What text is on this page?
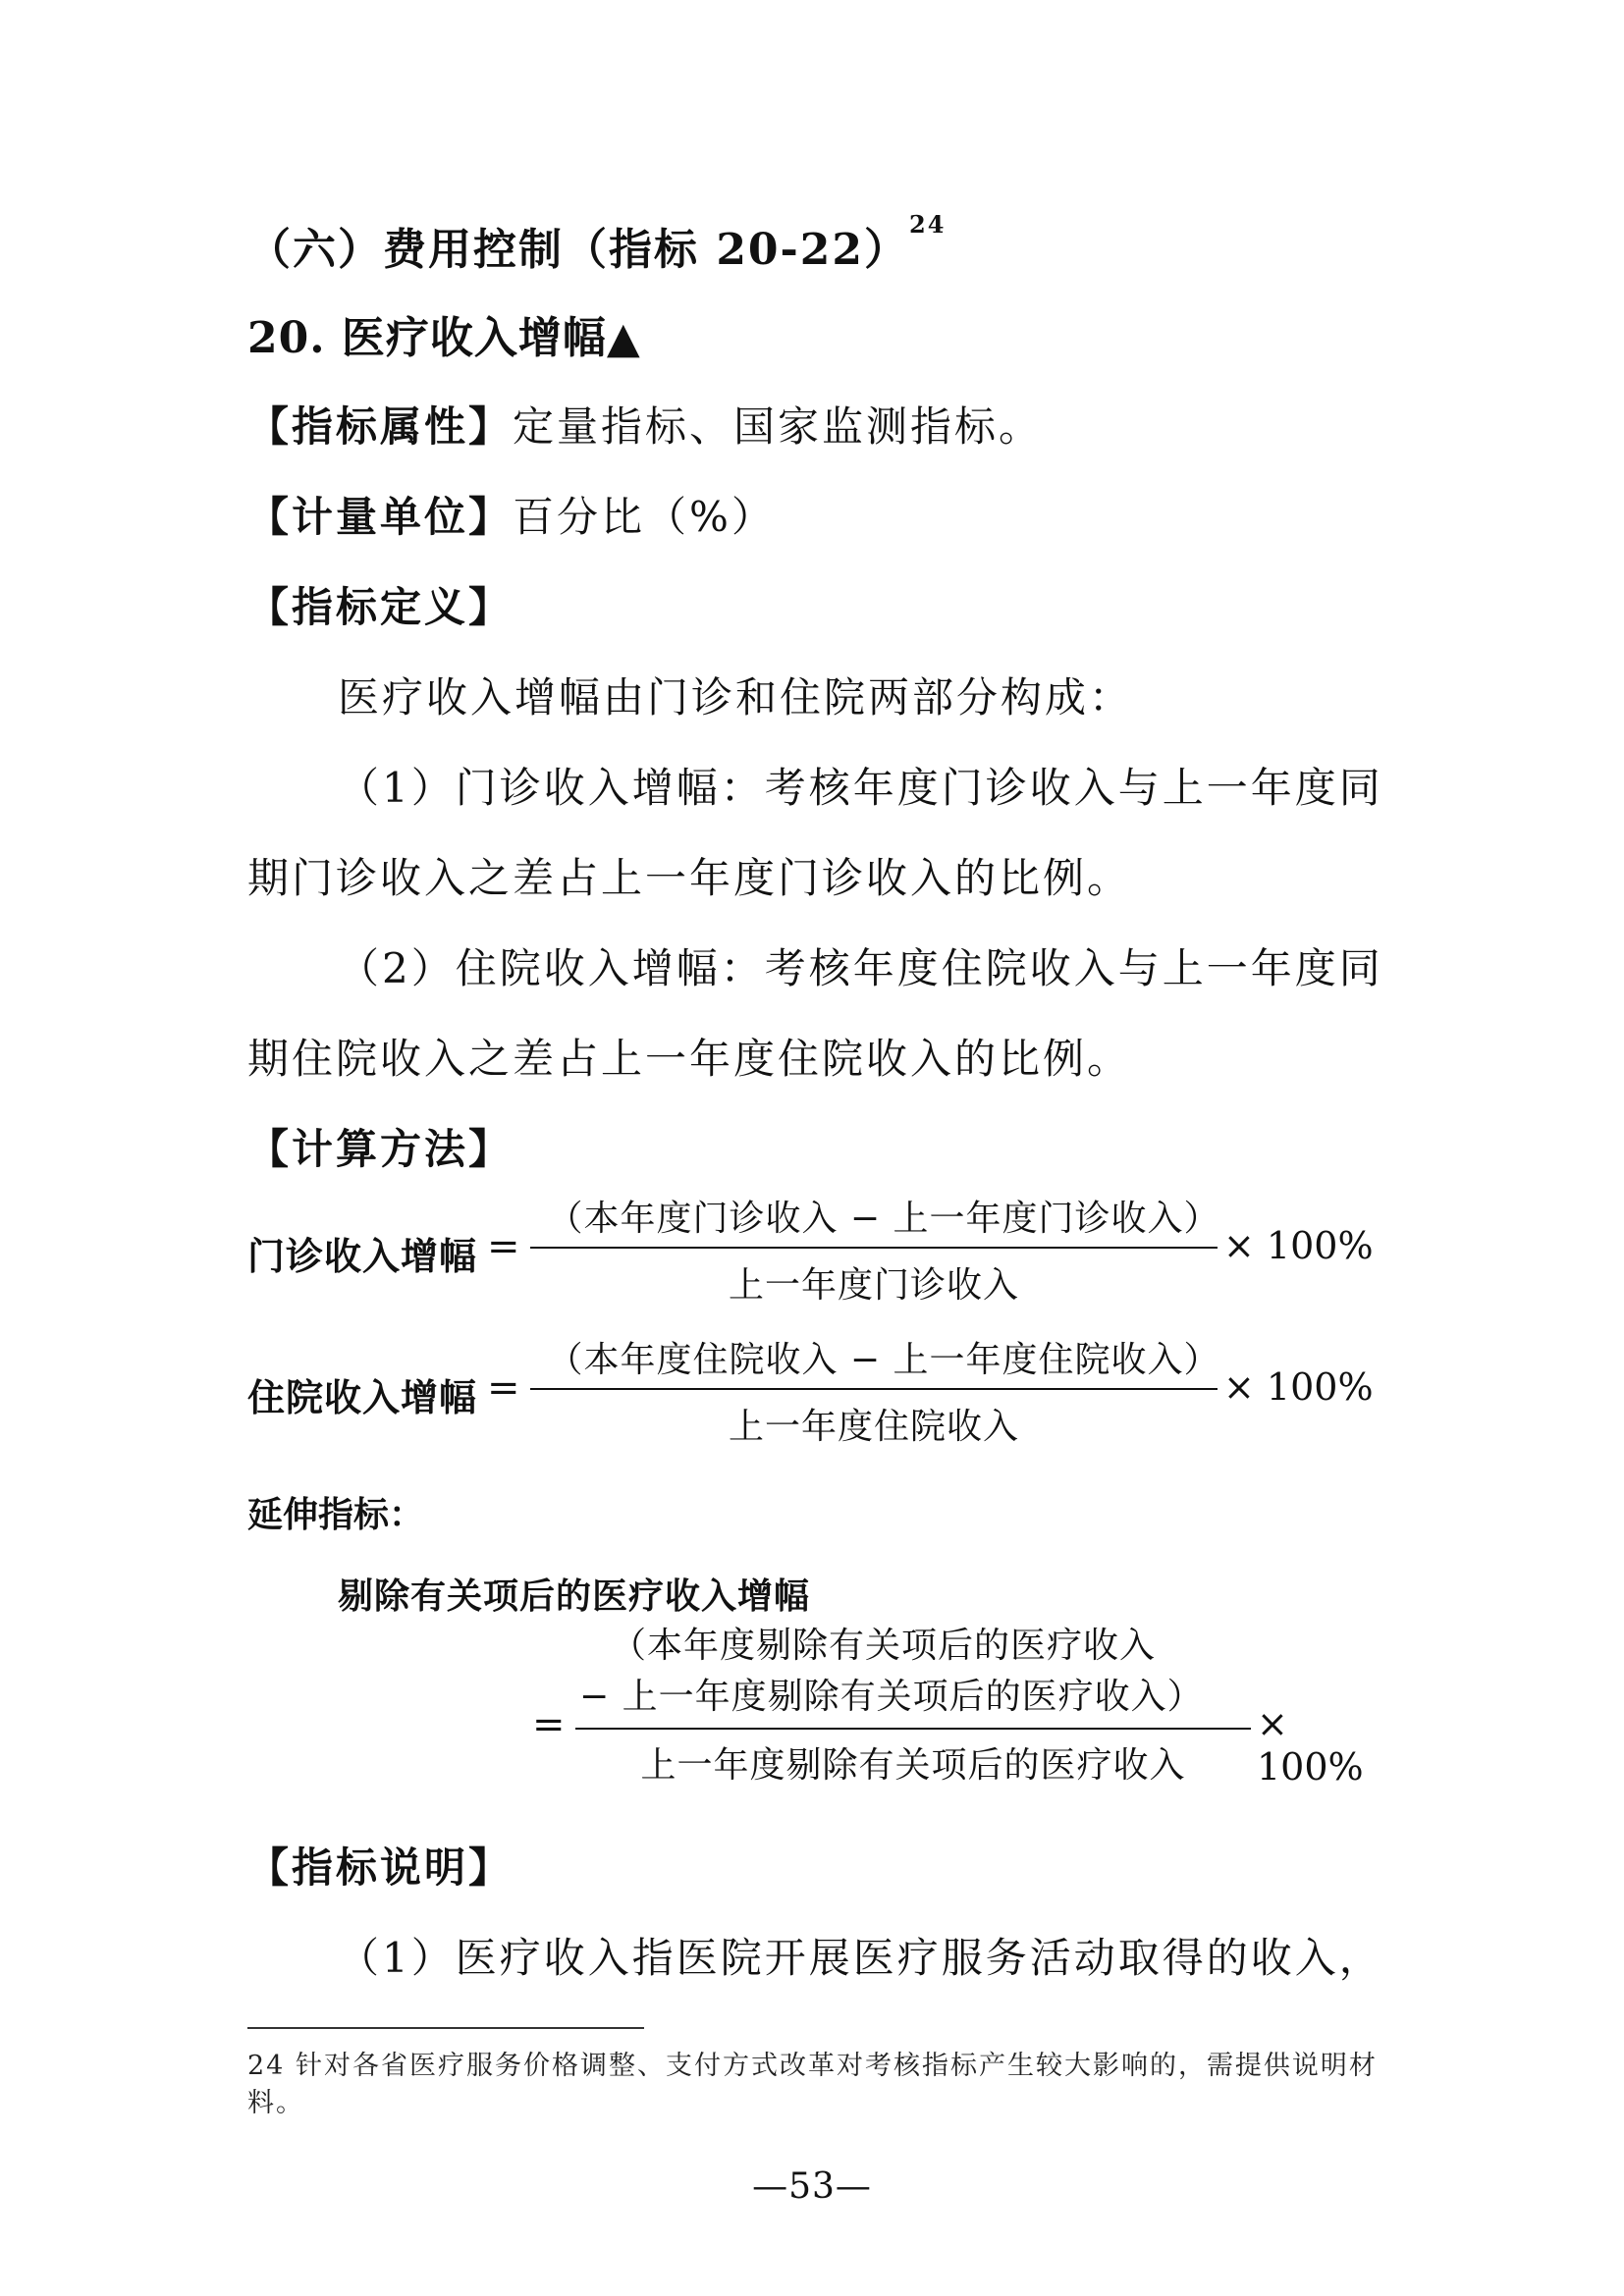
（六）费用控制（指标 20-22）$^{24}$
20. 医疗收入增幅▲
【指标属性】定量指标、国家监测指标。
【计量单位】百分比（%）
【指标定义】
医疗收入增幅由门诊和住院两部分构成：
（1）门诊收入增幅：考核年度门诊收入与上一年度同
期门诊收入之差占上一年度门诊收入的比例。
（2）住院收入增幅：考核年度住院收入与上一年度同
期住院收入之差占上一年度住院收入的比例。
【计算方法】
门诊收入增幅 =
（本年度门诊收入 − 上一年度门诊收入）
上一年度门诊收入
× 100%
住院收入增幅 =
（本年度住院收入 − 上一年度住院收入）
上一年度住院收入
× 100%
延伸指标：
剔除有关项后的医疗收入增幅
（本年度剔除有关项后的医疗收入
− 上一年度剔除有关项后的医疗收入）
=
上一年度剔除有关项后的医疗收入
× 100%
【指标说明】
（1）医疗收入指医院开展医疗服务活动取得的收入，
24 针对各省医疗服务价格调整、支付方式改革对考核指标产生较大影响的，需提供说明材
料。
—53—
